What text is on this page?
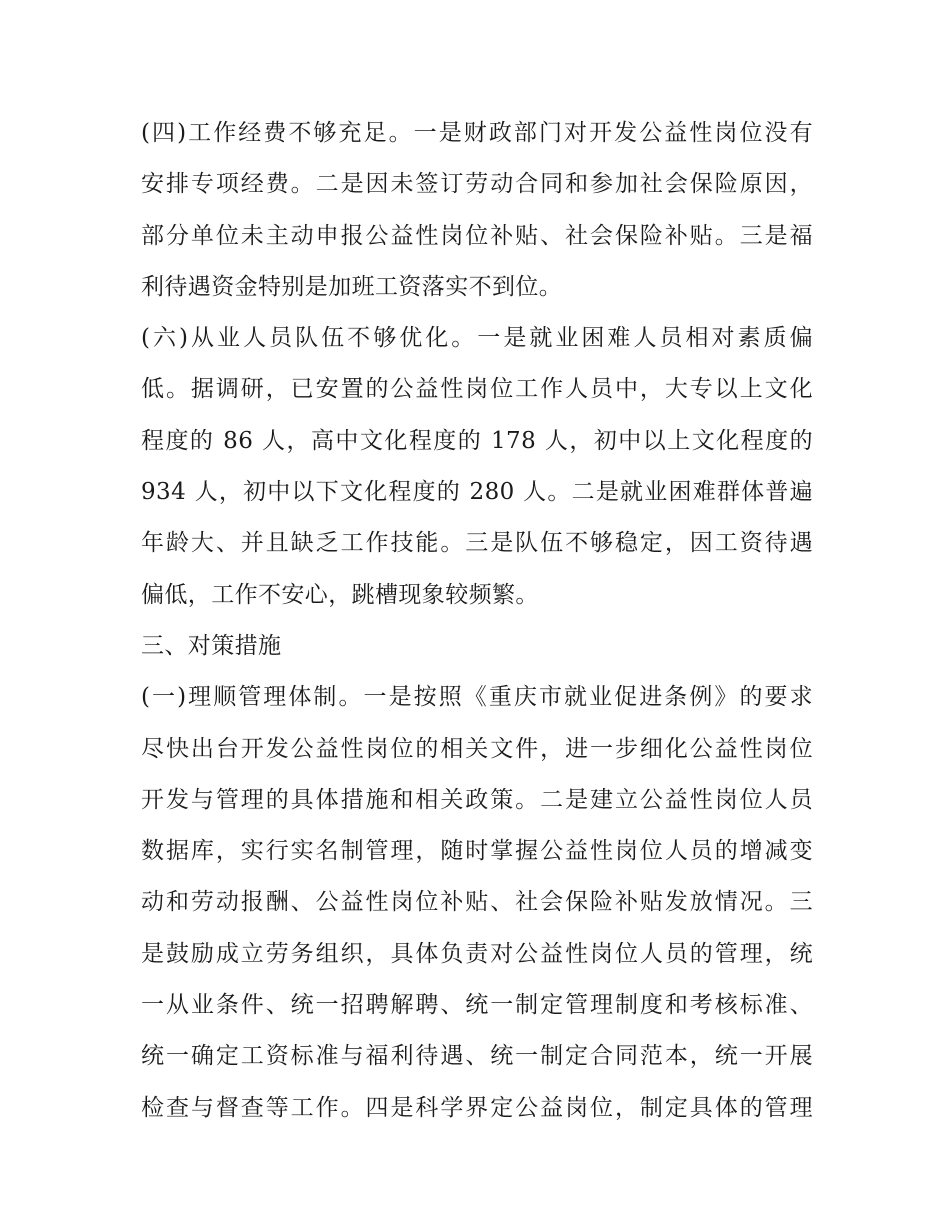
(四)工作经费不够充足。一是财政部门对开发公益性岗位没有
安排专项经费。二是因未签订劳动合同和参加社会保险原因，
部分单位未主动申报公益性岗位补贴、社会保险补贴。三是福
利待遇资金特别是加班工资落实不到位。
(六)从业人员队伍不够优化。一是就业困难人员相对素质偏
低。据调研，已安置的公益性岗位工作人员中，大专以上文化
程度的 86 人，高中文化程度的 178 人，初中以上文化程度的
934 人，初中以下文化程度的 280 人。二是就业困难群体普遍
年龄大、并且缺乏工作技能。三是队伍不够稳定，因工资待遇
偏低，工作不安心，跳槽现象较频繁。
三、对策措施
(一)理顺管理体制。一是按照《重庆市就业促进条例》的要求
尽快出台开发公益性岗位的相关文件，进一步细化公益性岗位
开发与管理的具体措施和相关政策。二是建立公益性岗位人员
数据库，实行实名制管理，随时掌握公益性岗位人员的增减变
动和劳动报酬、公益性岗位补贴、社会保险补贴发放情况。三
是鼓励成立劳务组织，具体负责对公益性岗位人员的管理，统
一从业条件、统一招聘解聘、统一制定管理制度和考核标准、
统一确定工资标准与福利待遇、统一制定合同范本，统一开展
检查与督查等工作。四是科学界定公益岗位，制定具体的管理
